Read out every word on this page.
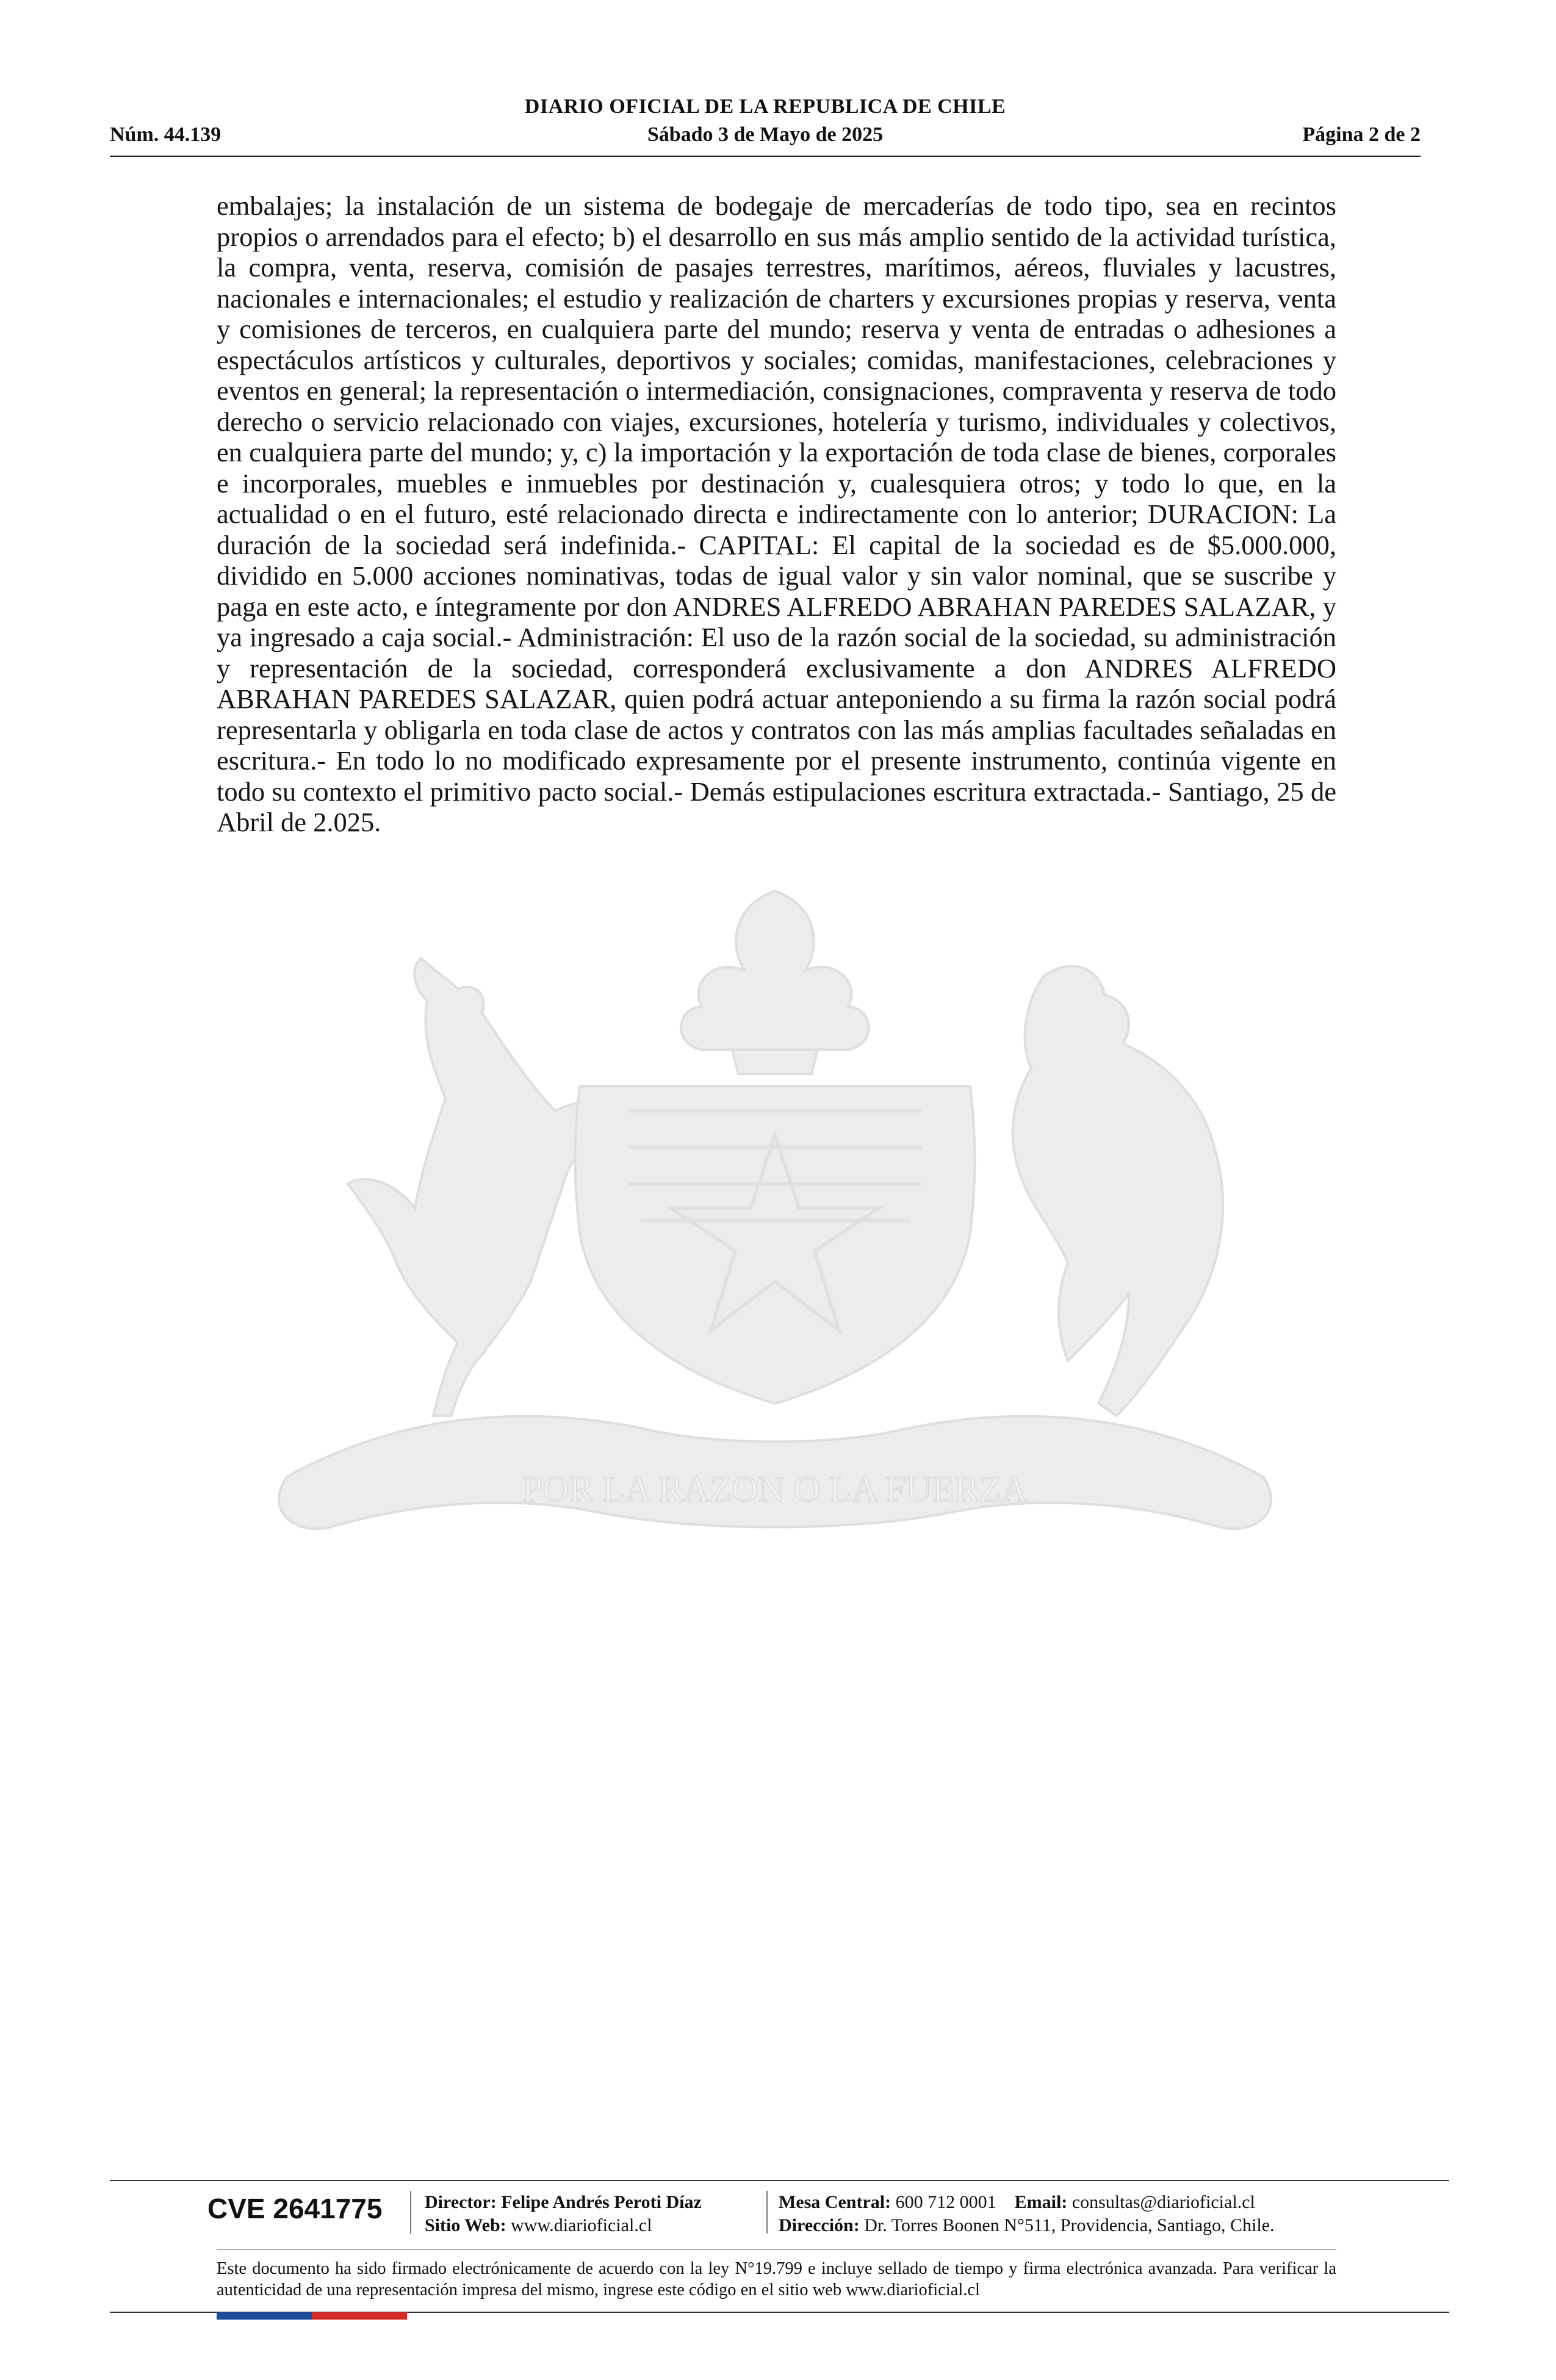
DIARIO OFICIAL DE LA REPUBLICA DE CHILE
Núm. 44.139	Sábado 3 de Mayo de 2025	Página 2 de 2
POR LA RAZON O LA FUERZA
embalajes; la instalación de un sistema de bodegaje de mercaderías de todo tipo, sea en recintos propios o arrendados para el efecto; b) el desarrollo en sus más amplio sentido de la actividad turística, la compra, venta, reserva, comisión de pasajes terrestres, marítimos, aéreos, fluviales y lacustres, nacionales e internacionales; el estudio y realización de charters y excursiones propias y reserva, venta y comisiones de terceros, en cualquiera parte del mundo; reserva y venta de entradas o adhesiones a espectáculos artísticos y culturales, deportivos y sociales; comidas, manifestaciones, celebraciones y eventos en general; la representación o intermediación, consignaciones, compraventa y reserva de todo derecho o servicio relacionado con viajes, excursiones, hotelería y turismo, individuales y colectivos, en cualquiera parte del mundo; y, c) la importación y la exportación de toda clase de bienes, corporales e incorporales, muebles e inmuebles por destinación y, cualesquiera otros; y todo lo que, en la actualidad o en el futuro, esté relacionado directa e indirectamente con lo anterior; DURACION: La duración de la sociedad será indefinida.- CAPITAL: El capital de la sociedad es de $5.000.000, dividido en 5.000 acciones nominativas, todas de igual valor y sin valor nominal, que se suscribe y paga en este acto, e íntegramente por don ANDRES ALFREDO ABRAHAN PAREDES SALAZAR, y ya ingresado a caja social.- Administración: El uso de la razón social de la sociedad, su administración y representación de la sociedad, corresponderá exclusivamente a don ANDRES ALFREDO ABRAHAN PAREDES SALAZAR, quien podrá actuar anteponiendo a su firma la razón social podrá representarla y obligarla en toda clase de actos y contratos con las más amplias facultades señaladas en escritura.- En todo lo no modificado expresamente por el presente instrumento, continúa vigente en todo su contexto el primitivo pacto social.- Demás estipulaciones escritura extractada.- Santiago, 25 de Abril de 2.025.
CVE 2641775 Director: Felipe Andrés Peroti Díaz
Sitio Web: www.diarioficial.cl
Mesa Central: 600 712 0001 Email: consultas@diarioficial.cl
Dirección: Dr. Torres Boonen N°511, Providencia, Santiago, Chile.
Este documento ha sido firmado electrónicamente de acuerdo con la ley N°19.799 e incluye sellado de tiempo y firma electrónica avanzada. Para verificar la autenticidad de una representación impresa del mismo, ingrese este código en el sitio web www.diarioficial.cl
